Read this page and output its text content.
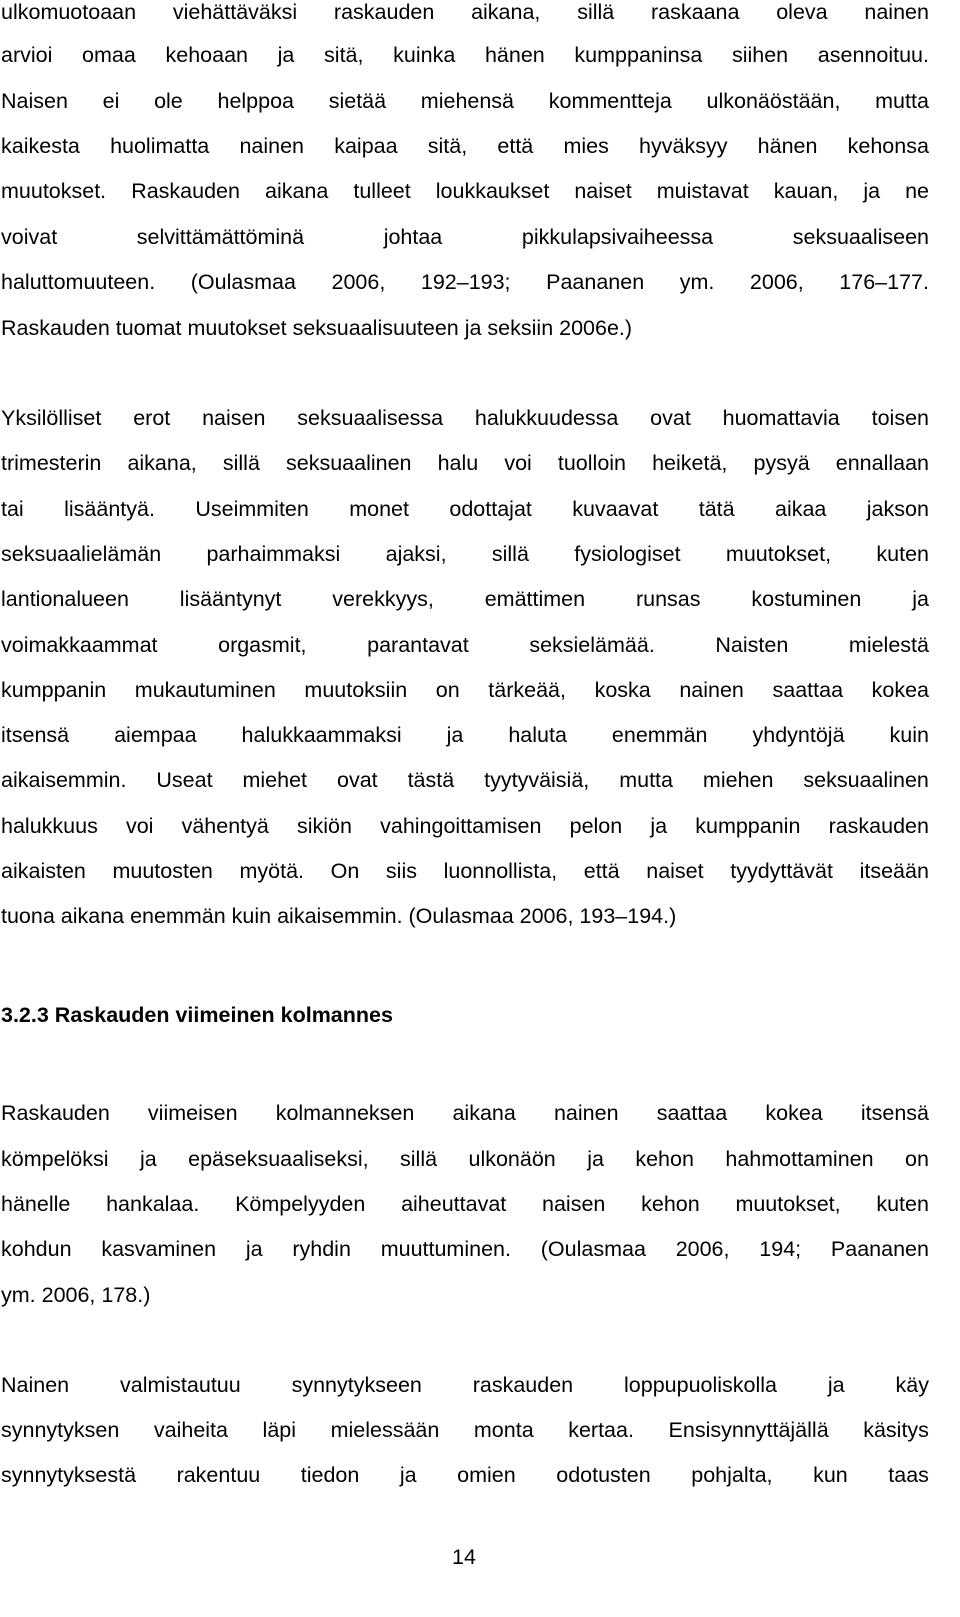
ulkomuotoaan viehättäväksi raskauden aikana, sillä raskaana oleva nainen
arvioi omaa kehoaan ja sitä, kuinka hänen kumppaninsa siihen asennoituu.
Naisen ei ole helppoa sietää miehensä kommentteja ulkonäöstään, mutta
kaikesta huolimatta nainen kaipaa sitä, että mies hyväksyy hänen kehonsa
muutokset. Raskauden aikana tulleet loukkaukset naiset muistavat kauan, ja ne
voivat	selvittämättöminä	johtaa	pikkulapsivaiheessa	seksuaaliseen
haluttomuuteen. (Oulasmaa 2006, 192–193; Paananen ym. 2006, 176–177.
Raskauden tuomat muutokset seksuaalisuuteen ja seksiin 2006e.)
Yksilölliset erot naisen seksuaalisessa halukkuudessa ovat huomattavia toisen
trimesterin aikana, sillä seksuaalinen halu voi tuolloin heiketä, pysyä ennallaan
tai lisääntyä. Useimmiten monet odottajat kuvaavat tätä aikaa jakson
seksuaalielämän parhaimmaksi ajaksi, sillä fysiologiset muutokset, kuten
lantionalueen lisääntynyt verekkyys, emättimen runsas kostuminen ja
voimakkaammat	orgasmit,	parantavat	seksielämää.	Naisten	mielestä
kumppanin mukautuminen muutoksiin on tärkeää, koska nainen saattaa kokea
itsensä aiempaa halukkaammaksi ja haluta enemmän yhdyntöjä kuin
aikaisemmin. Useat miehet ovat tästä tyytyväisiä, mutta miehen seksuaalinen
halukkuus voi vähentyä sikiön vahingoittamisen pelon ja kumppanin raskauden
aikaisten muutosten myötä. On siis luonnollista, että naiset tyydyttävät itseään
tuona aikana enemmän kuin aikaisemmin. (Oulasmaa 2006, 193–194.)
3.2.3 Raskauden viimeinen kolmannes
Raskauden viimeisen kolmanneksen aikana nainen saattaa kokea itsensä
kömpelöksi ja epäseksuaaliseksi, sillä ulkonäön ja kehon hahmottaminen on
hänelle hankalaa. Kömpelyyden aiheuttavat naisen kehon muutokset, kuten
kohdun kasvaminen ja ryhdin muuttuminen. (Oulasmaa 2006, 194; Paananen
ym. 2006, 178.)
Nainen valmistautuu synnytykseen raskauden loppupuoliskolla ja käy
synnytyksen vaiheita läpi mielessään monta kertaa. Ensisynnyttäjällä käsitys
synnytyksestä rakentuu tiedon ja omien odotusten pohjalta, kun taas
14
